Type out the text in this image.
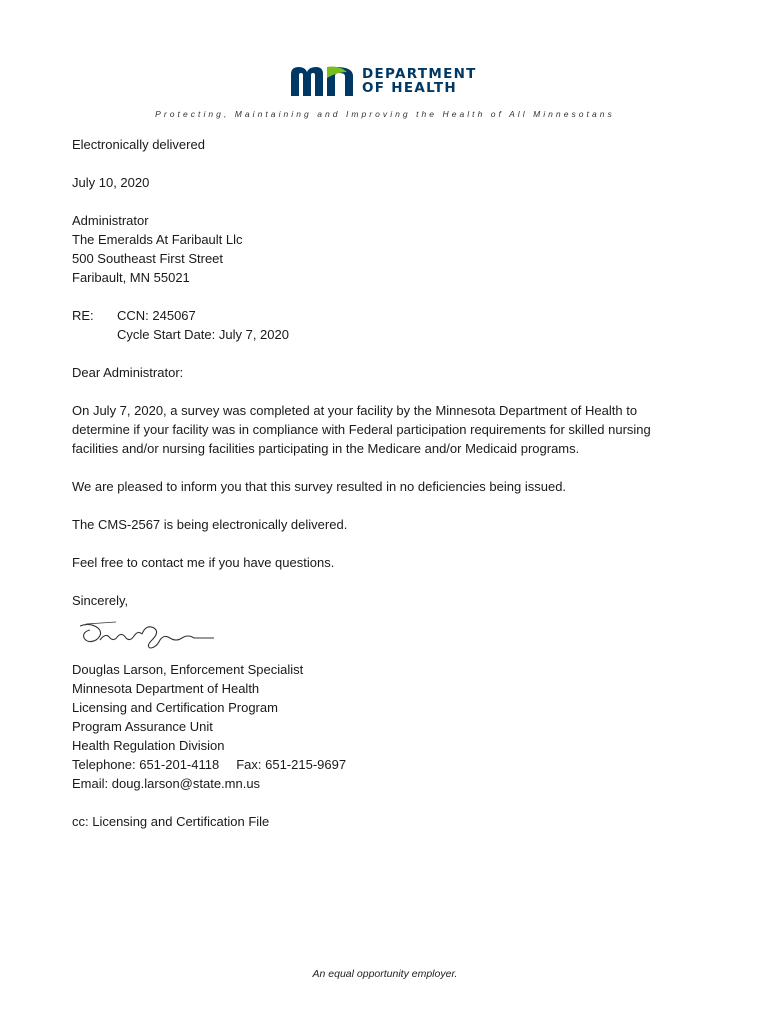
DEPARTMENT
OF HEALTH
Protecting, Maintaining and Improving the Health of All Minnesotans
Electronically delivered
July 10, 2020
Administrator
The Emeralds At Faribault Llc
500 Southeast First Street
Faribault, MN 55021
RE:	CCN: 245067
Cycle Start Date: July 7, 2020
Dear Administrator:
On July 7, 2020, a survey was completed at your facility by the Minnesota Department of Health to
determine if your facility was in compliance with Federal participation requirements for skilled nursing
facilities and/or nursing facilities participating in the Medicare and/or Medicaid programs.
We are pleased to inform you that this survey resulted in no deficiencies being issued.
The CMS-2567 is being electronically delivered.
Feel free to contact me if you have questions.
Sincerely,
Douglas Larson, Enforcement Specialist
Minnesota Department of Health
Licensing and Certification Program
Program Assurance Unit
Health Regulation Division
Telephone: 651-201-4118 Fax: 651-215-9697
Email: doug.larson@state.mn.us
cc: Licensing and Certification File
An equal opportunity employer.
